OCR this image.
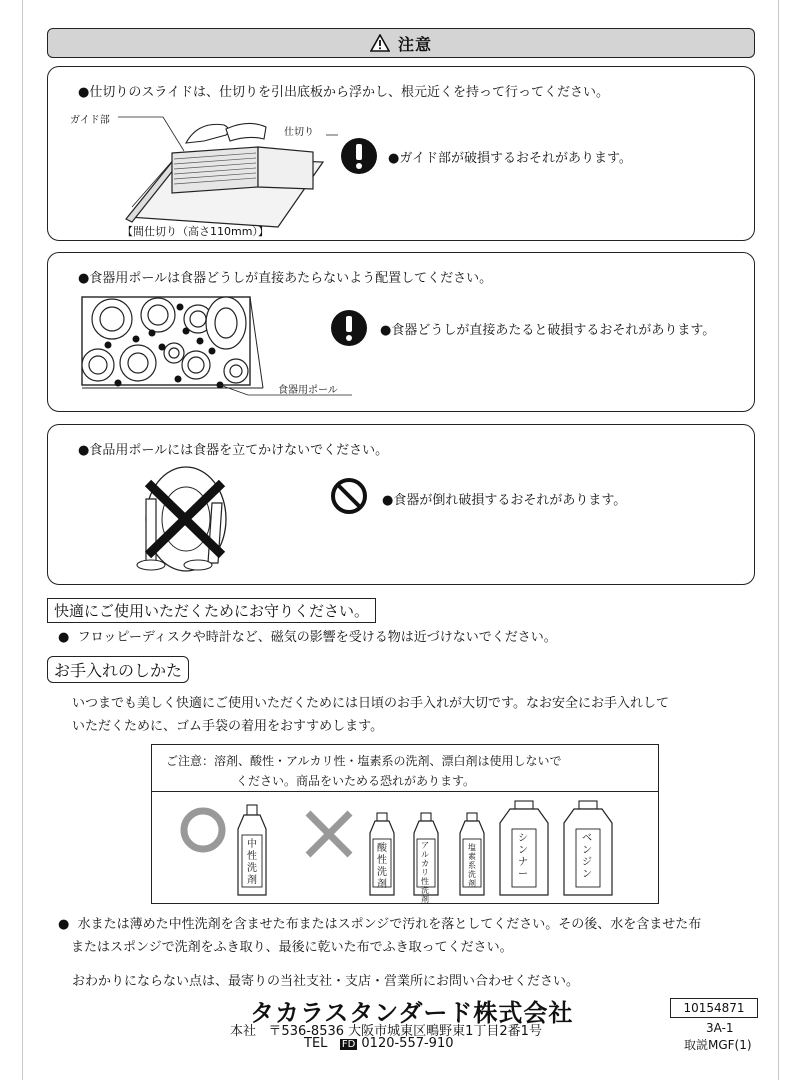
注意
●仕切りのスライドは、仕切りを引出底板から浮かし、根元近くを持って行ってください。
ガイド部
仕切り
【間仕切り（高さ110mm）】
●ガイド部が破損するおそれがあります。
●食器用ポールは食器どうしが直接あたらないよう配置してください。
食器用ポール
●食器どうしが直接あたると破損するおそれがあります。
●食品用ポールには食器を立てかけないでください。
●食器が倒れ破損するおそれがあります。
快適にご使用いただくためにお守りください。
●  フロッピーディスクや時計など、磁気の影響を受ける物は近づけないでください。
お手入れのしかた
いつまでも美しく快適にご使用いただくためには日頃のお手入れが大切です。なお安全にお手入れして
いただくために、ゴム手袋の着用をおすすめします。
ご注意：溶剤、酸性・アルカリ性・塩素系の洗剤、漂白剤は使用しないで
ください。商品をいためる恐れがあります。
中性洗剤
酸性洗剤
アルカリ性洗剤
塩素系洗剤
シンナー
ベンジン
●  水または薄めた中性洗剤を含ませた布またはスポンジで汚れを落としてください。その後、水を含ませた布
またはスポンジで洗剤をふき取り、最後に乾いた布でふき取ってください。
おわかりにならない点は、最寄りの当社支社・支店・営業所にお問い合わせください。
タカラスタンダード株式会社
本社 〒536-8536 大阪市城東区鴫野東1丁目2番1号
TEL FD 0120-557-910
10154871
3A-1
取説MGF(1)
